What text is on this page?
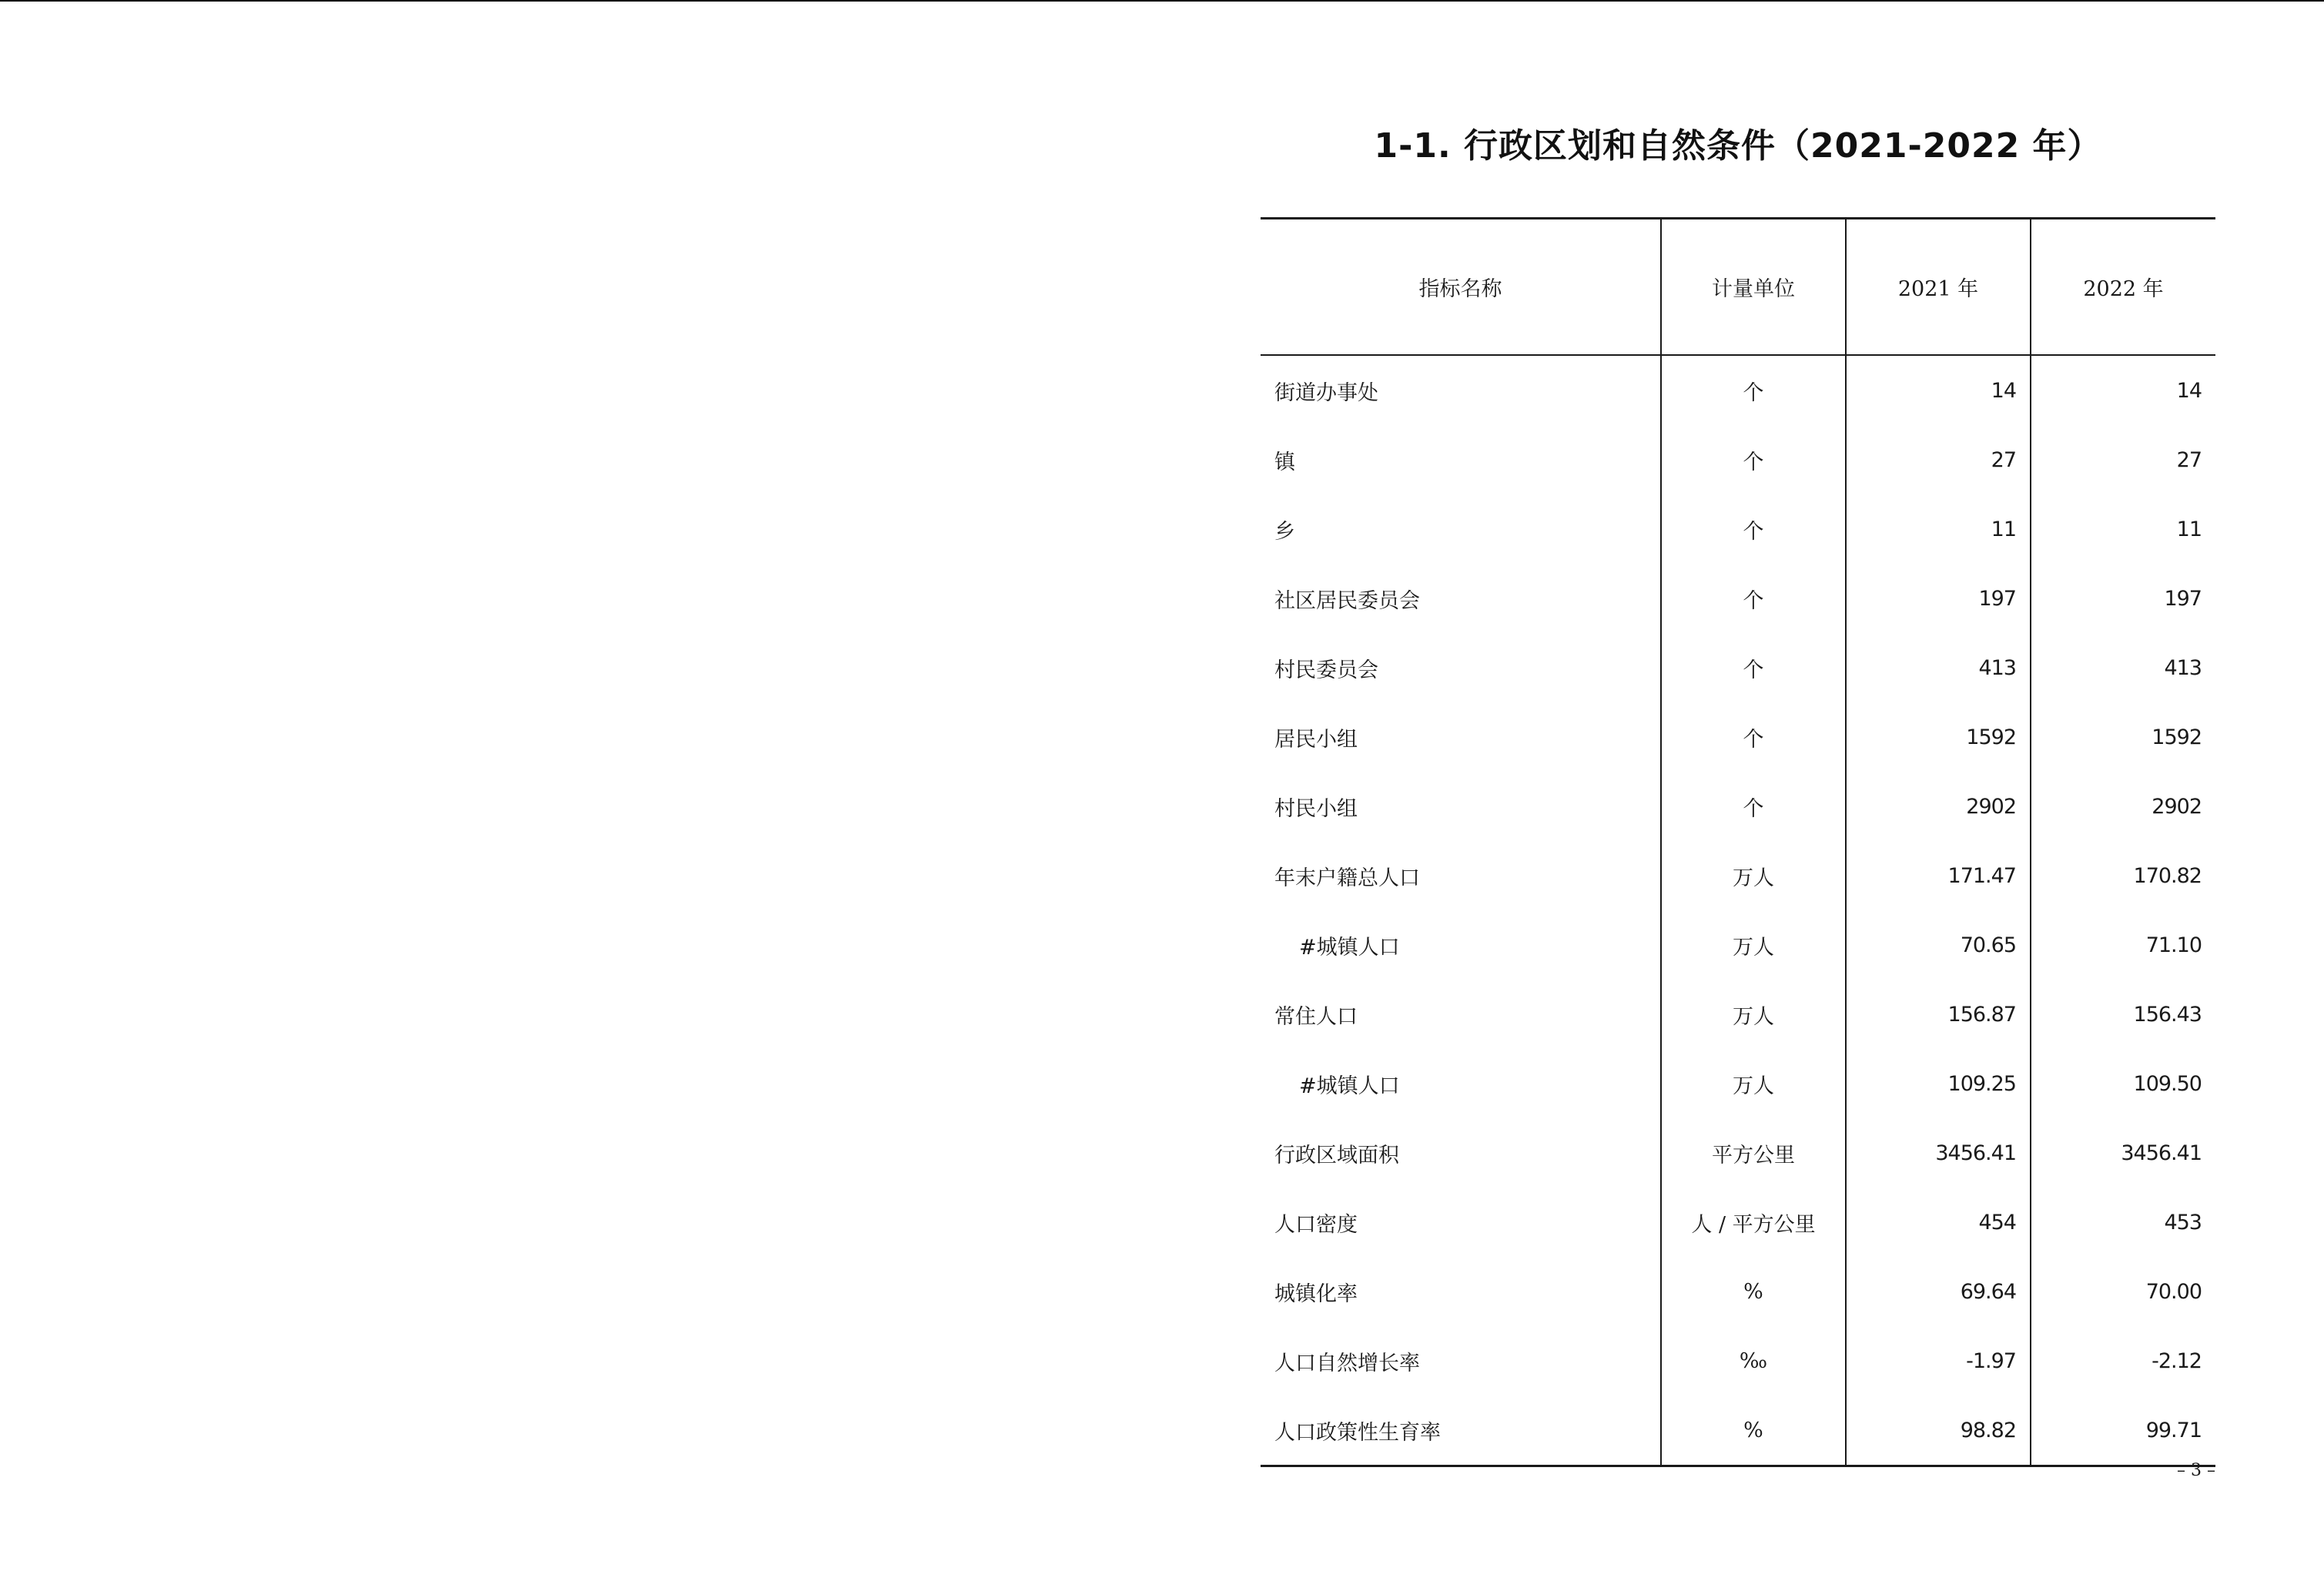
1-1. 行政区划和自然条件（2021-2022 年）
指标名称	计量单位	2021 年	2022 年
街道办事处	个	14	14
镇	个	27	27
乡	个	11	11
社区居民委员会	个	197	197
村民委员会	个	413	413
居民小组	个	1592	1592
村民小组	个	2902	2902
年末户籍总人口	万人	171.47	170.82
#城镇人口	万人	70.65	71.10
常住人口	万人	156.87	156.43
#城镇人口	万人	109.25	109.50
行政区域面积	平方公里	3456.41	3456.41
人口密度	人 / 平方公里	454	453
城镇化率	%	69.64	70.00
人口自然增长率	‰	-1.97	-2.12
人口政策性生育率	%	98.82	99.71
– 3 –
